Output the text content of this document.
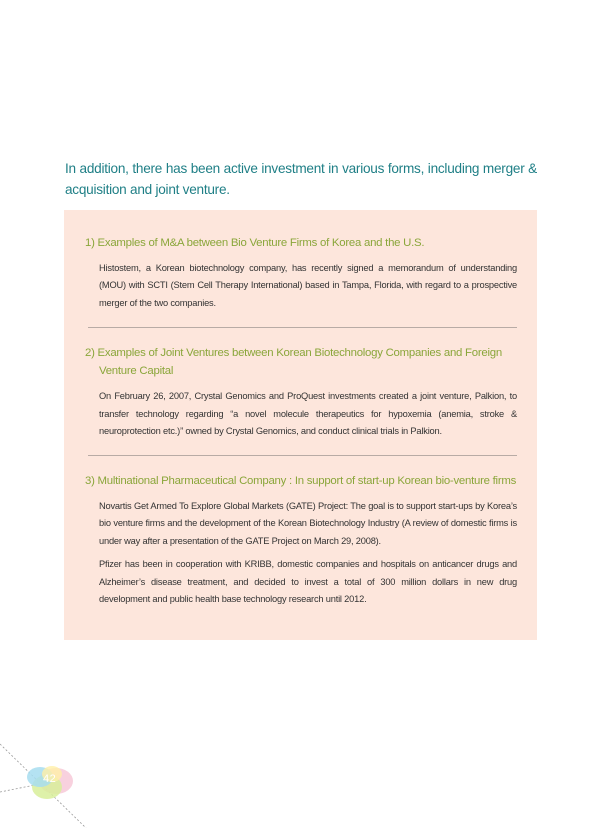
In addition, there has been active investment in various forms, including merger & acquisition and joint venture.

1) Examples of M&A between Bio Venture Firms of Korea and the U.S.

Histostem, a Korean biotechnology company, has recently signed a memorandum of understanding (MOU) with SCTI (Stem Cell Therapy International) based in Tampa, Florida, with regard to a prospective merger of the two companies.

2) Examples of Joint Ventures between Korean Biotechnology Companies and Foreign
Venture Capital

On February 26, 2007, Crystal Genomics and ProQuest investments created a joint venture, Palkion, to transfer technology regarding “a novel molecule therapeutics for hypoxemia (anemia, stroke & neuroprotection etc.)” owned by Crystal Genomics, and conduct clinical trials in Palkion.

3) Multinational Pharmaceutical Company : In support of start-up Korean bio-venture firms

Novartis Get Armed To Explore Global Markets (GATE) Project: The goal is to support start-ups by Korea’s bio venture firms and the development of the Korean Biotechnology Industry (A review of domestic firms is under way after a presentation of the GATE Project on March 29, 2008).

Pfizer has been in cooperation with KRIBB, domestic companies and hospitals on anticancer drugs and Alzheimer’s disease treatment, and decided to invest a total of 300 million dollars in new drug development and public health base technology research until 2012.

42
